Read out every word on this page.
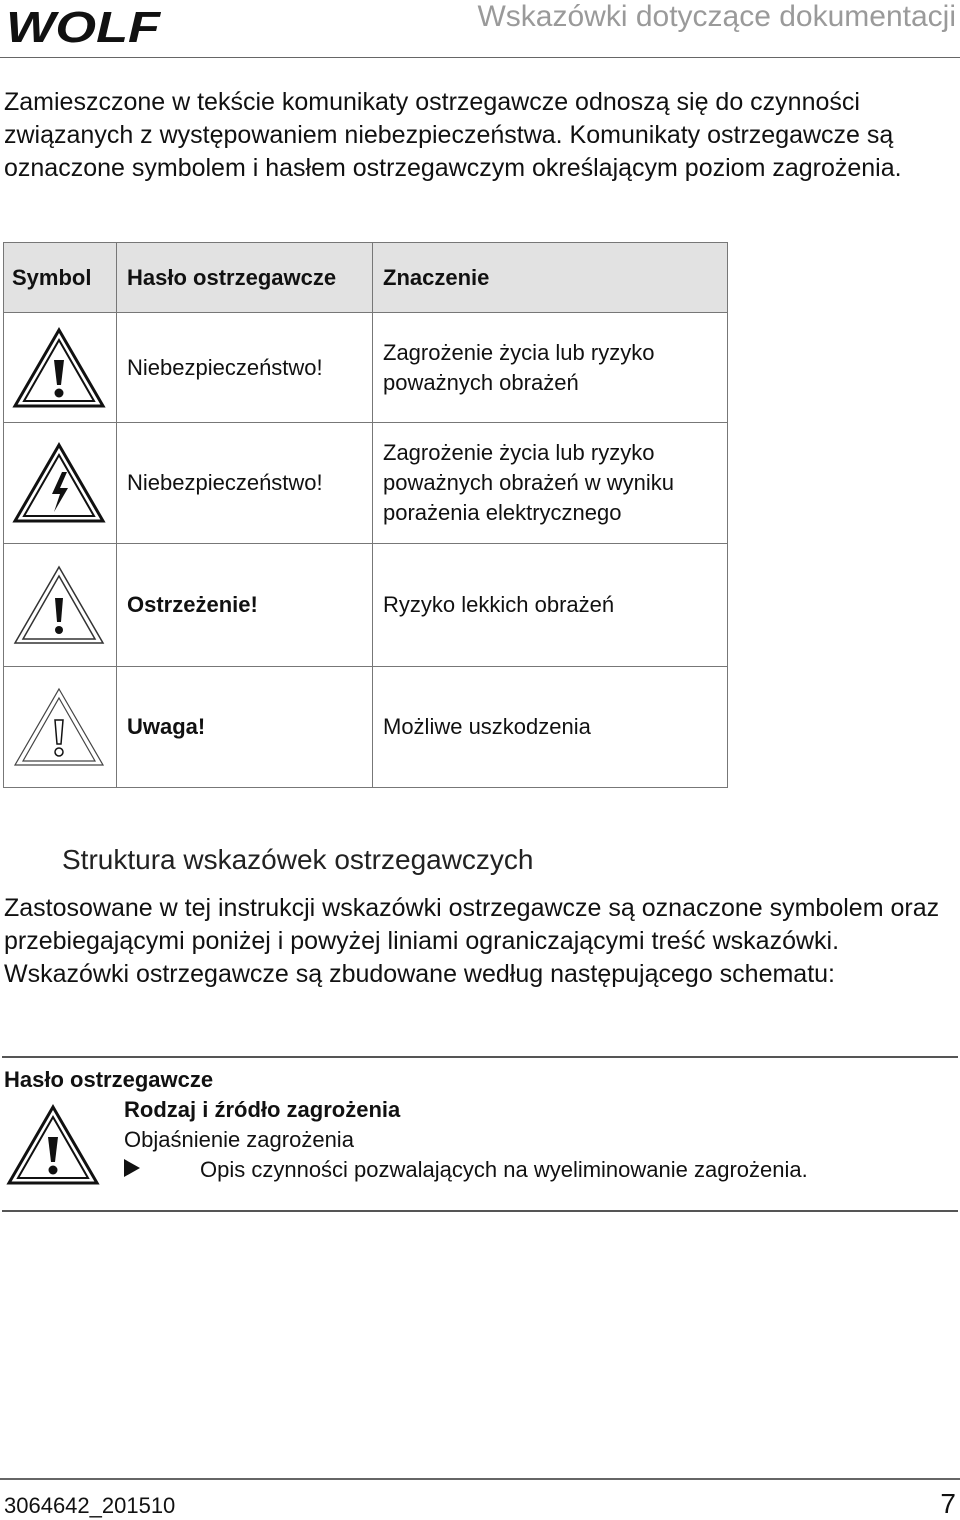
WOLF	Wskazówki dotyczące dokumentacji
Zamieszczone w tekście komunikaty ostrzegawcze odnoszą się do czynności związanych z występowaniem niebezpieczeństwa. Komunikaty ostrzegawcze są oznaczone symbolem i hasłem ostrzegawczym określającym poziom zagrożenia.
Symbol	Hasło ostrzegawcze	Znaczenie

	Niebezpieczeństwo!	Zagrożenie życia lub ryzyko poważnych obrażeń

	Niebezpieczeństwo!	Zagrożenie życia lub ryzyko poważnych obrażeń w wyniku porażenia elektrycznego

	Ostrzeżenie!	Ryzyko lekkich obrażeń

	Uwaga!	Możliwe uszkodzenia
Struktura wskazówek ostrzegawczych
Zastosowane w tej instrukcji wskazówki ostrzegawcze są oznaczone symbolem oraz przebiegającymi poniżej i powyżej liniami ograniczającymi treść wskazówki. Wskazówki ostrzegawcze są zbudowane według następującego schematu:
Hasło ostrzegawcze
Rodzaj i źródło zagrożenia
Objaśnienie zagrożenia
Opis czynności pozwalających na wyeliminowanie zagrożenia.
3064642_201510	7
